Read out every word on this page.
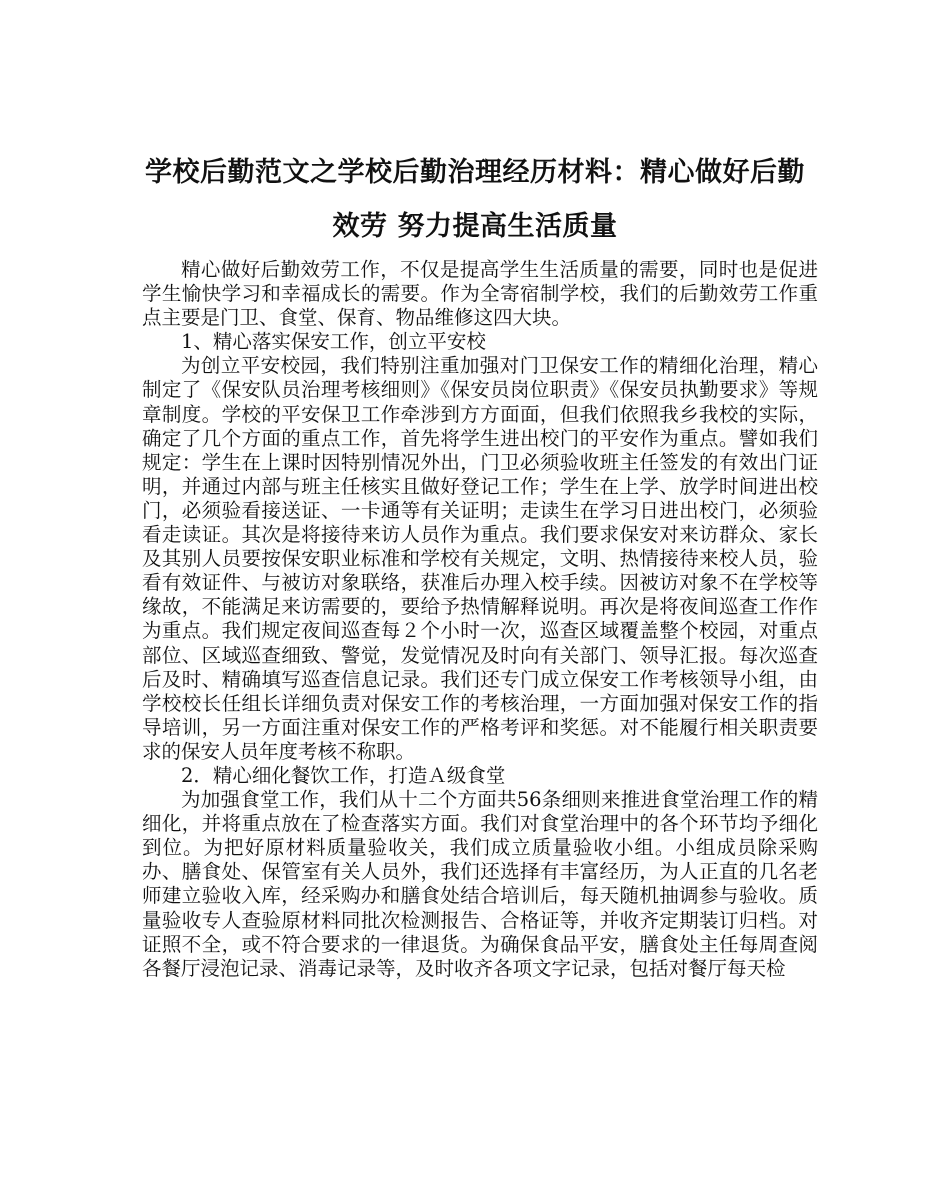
学校后勤范文之学校后勤治理经历材料：精心做好后勤
效劳 努力提高生活质量

精心做好后勤效劳工作，不仅是提高学生生活质量的需要，同时也是促进学生愉快学习和幸福成长的需要。作为全寄宿制学校，我们的后勤效劳工作重点主要是门卫、食堂、保育、物品维修这四大块。

1、精心落实保安工作，创立平安校

为创立平安校园，我们特别注重加强对门卫保安工作的精细化治理，精心制定了《保安队员治理考核细则》《保安员岗位职责》《保安员执勤要求》等规章制度。学校的平安保卫工作牵涉到方方面面，但我们依照我乡我校的实际，确定了几个方面的重点工作，首先将学生进出校门的平安作为重点。譬如我们规定：学生在上课时因特别情况外出，门卫必须验收班主任签发的有效出门证明，并通过内部与班主任核实且做好登记工作；学生在上学、放学时间进出校门，必须验看接送证、一卡通等有关证明；走读生在学习日进出校门，必须验看走读证。其次是将接待来访人员作为重点。我们要求保安对来访群众、家长及其别人员要按保安职业标准和学校有关规定，文明、热情接待来校人员，验看有效证件、与被访对象联络，获准后办理入校手续。因被访对象不在学校等缘故，不能满足来访需要的，要给予热情解释说明。再次是将夜间巡查工作作为重点。我们规定夜间巡查每２个小时一次，巡查区域覆盖整个校园，对重点部位、区域巡查细致、警觉，发觉情况及时向有关部门、领导汇报。每次巡查后及时、精确填写巡查信息记录。我们还专门成立保安工作考核领导小组，由学校校长任组长详细负责对保安工作的考核治理，一方面加强对保安工作的指导培训，另一方面注重对保安工作的严格考评和奖惩。对不能履行相关职责要求的保安人员年度考核不称职。

2．精心细化餐饮工作，打造Ａ级食堂

为加强食堂工作，我们从十二个方面共56条细则来推进食堂治理工作的精细化，并将重点放在了检查落实方面。我们对食堂治理中的各个环节均予细化到位。为把好原材料质量验收关，我们成立质量验收小组。小组成员除采购办、膳食处、保管室有关人员外，我们还选择有丰富经历，为人正直的几名老师建立验收入库，经采购办和膳食处结合培训后，每天随机抽调参与验收。质量验收专人查验原材料同批次检测报告、合格证等，并收齐定期装订归档。对证照不全，或不符合要求的一律退货。为确保食品平安，膳食处主任每周查阅各餐厅浸泡记录、消毒记录等，及时收齐各项文字记录，包括对餐厅每天检
